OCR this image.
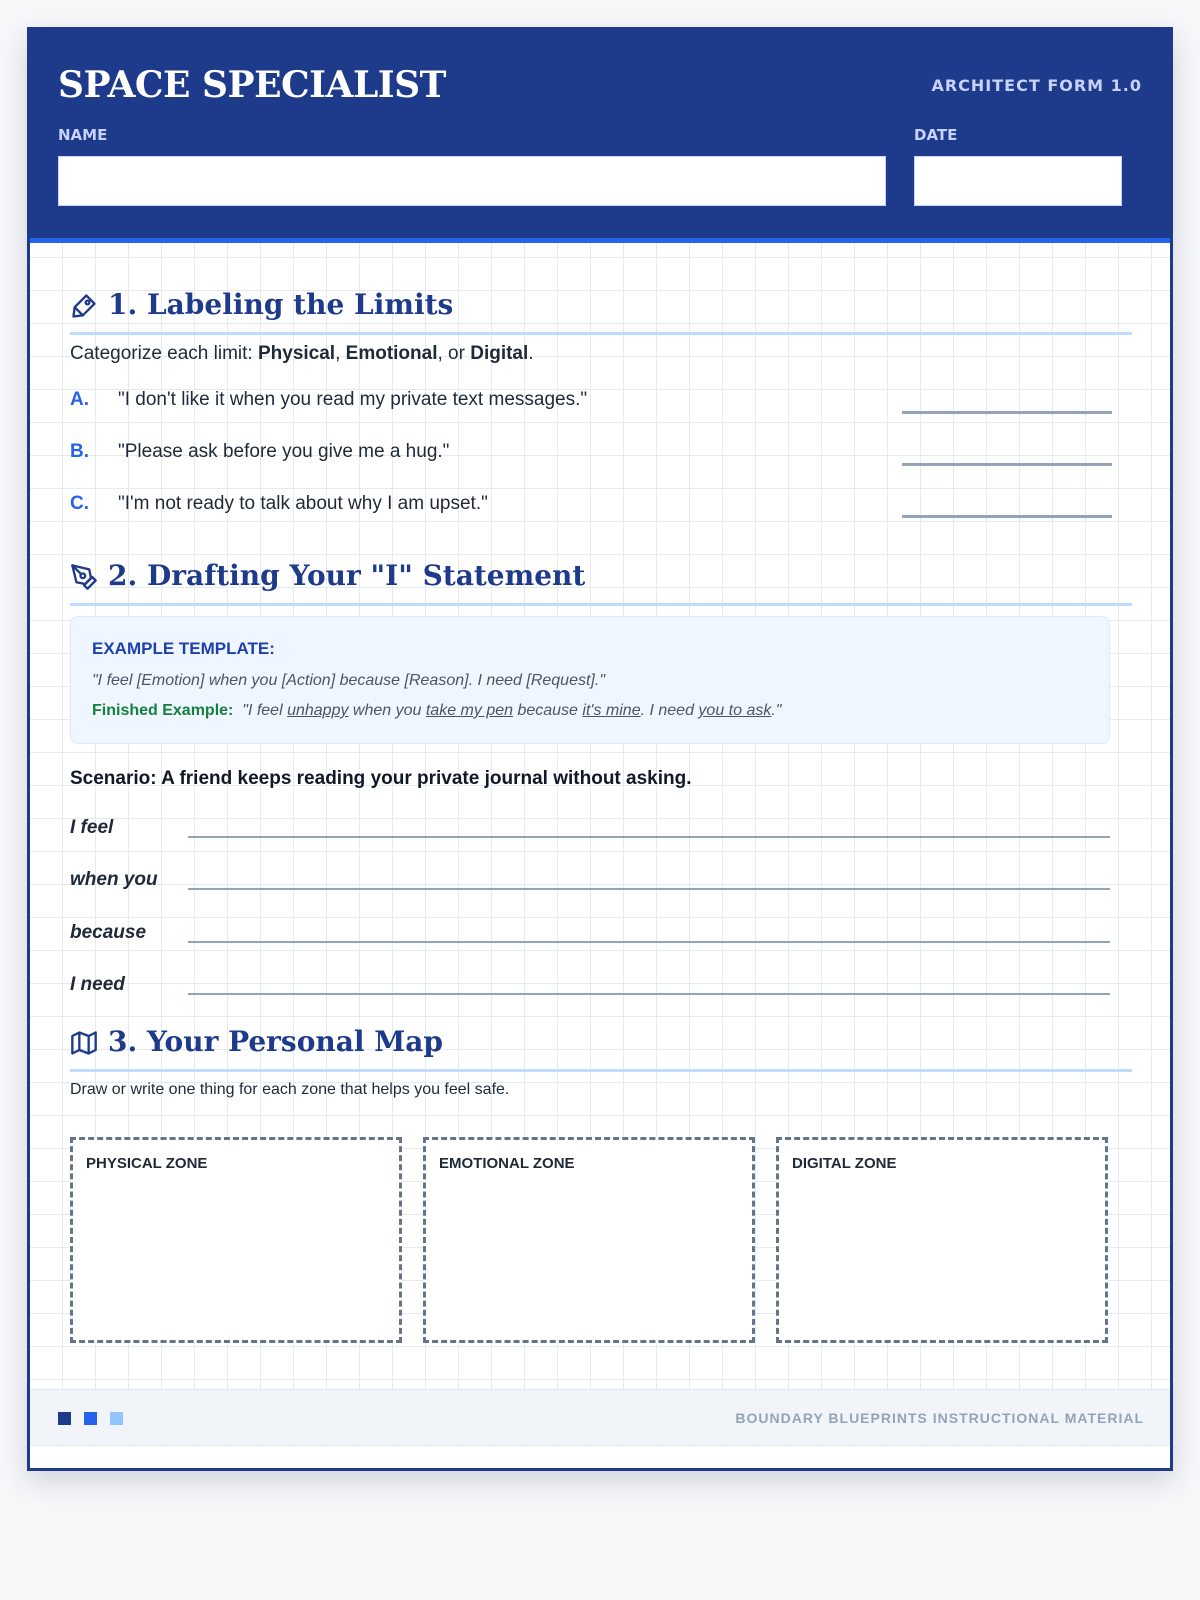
SPACE SPECIALIST	ARCHITECT FORM 1.0
NAME	DATE
1. Labeling the Limits
Categorize each limit: Physical, Emotional, or Digital.
A. "I don't like it when you read my private text messages."
B. "Please ask before you give me a hug."
C. "I'm not ready to talk about why I am upset."
2. Drafting Your "I" Statement
EXAMPLE TEMPLATE:
"I feel [Emotion] when you [Action] because [Reason]. I need [Request]."
Finished Example: "I feel unhappy when you take my pen because it's mine. I need you to ask."
Scenario: A friend keeps reading your private journal without asking.
I feel
when you
because
I need
3. Your Personal Map
Draw or write one thing for each zone that helps you feel safe.
PHYSICAL ZONE	EMOTIONAL ZONE	DIGITAL ZONE
BOUNDARY BLUEPRINTS INSTRUCTIONAL MATERIAL
